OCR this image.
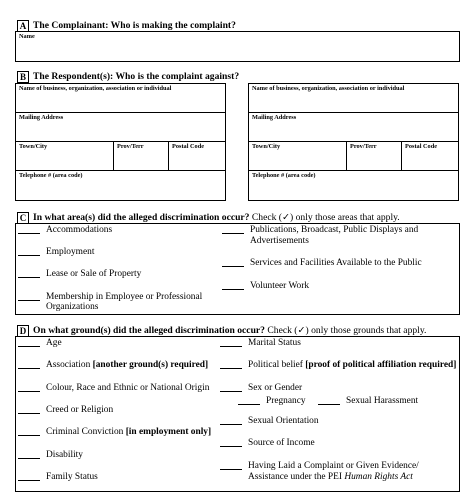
A The Complainant: Who is making the complaint?
Name
B The Respondent(s): Who is the complaint against?
Name of business, organization, association or individual
Mailing Address
Town/City	Prov/Terr	Postal Code
Telephone # (area code)
Name of business, organization, association or individual
Mailing Address
Town/City	Prov/Terr	Postal Code
Telephone # (area code)
C In what area(s) did the alleged discrimination occur? Check (✓) only those areas that apply.
Accommodations
Employment
Lease or Sale of Property
Membership in Employee or Professional
Organizations
Publications, Broadcast, Public Displays and
Advertisements
Services and Facilities Available to the Public
Volunteer Work
D On what ground(s) did the alleged discrimination occur? Check (✓) only those grounds that apply.
Age
Association [another ground(s) required]
Colour, Race and Ethnic or National Origin
Creed or Religion
Criminal Conviction [in employment only]
Disability
Family Status
Marital Status
Political belief [proof of political affiliation required]
Sex or Gender
Pregnancy	Sexual Harassment
Sexual Orientation
Source of Income
Having Laid a Complaint or Given Evidence/
Assistance under the PEI Human Rights Act
